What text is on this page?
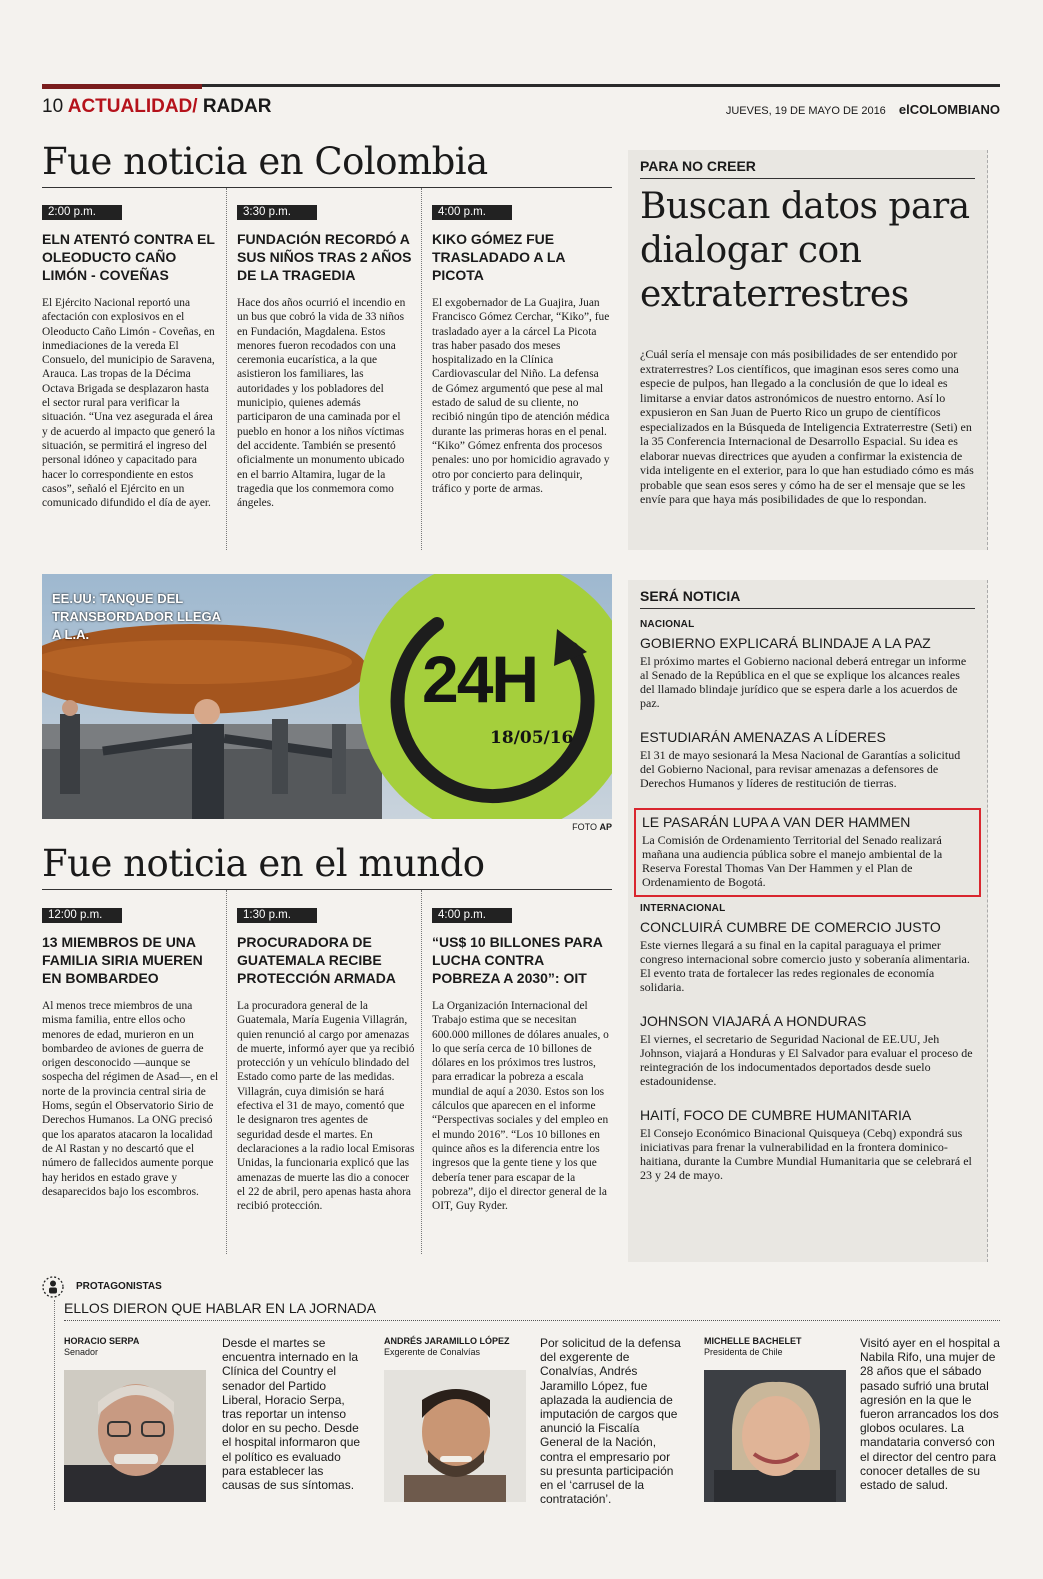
10 ACTUALIDAD/ RADAR	JUEVES, 19 DE MAYO DE 2016 elCOLOMBIANO
Fue noticia en Colombia
2:00 p.m.
ELN ATENTÓ CONTRA EL OLEODUCTO CAÑO LIMÓN - COVEÑAS
El Ejército Nacional reportó una afectación con explosivos en el Oleoducto Caño Limón - Coveñas, en inmediaciones de la vereda El Consuelo, del municipio de Saravena, Arauca. Las tropas de la Décima Octava Brigada se desplazaron hasta el sector rural para verificar la situación. “Una vez asegurada el área y de acuerdo al impacto que generó la situación, se permitirá el ingreso del personal idóneo y capacitado para hacer lo correspondiente en estos casos”, señaló el Ejército en un comunicado difundido el día de ayer.
3:30 p.m.
FUNDACIÓN RECORDÓ A SUS NIÑOS TRAS 2 AÑOS DE LA TRAGEDIA
Hace dos años ocurrió el incendio en un bus que cobró la vida de 33 niños en Fundación, Magdalena. Estos menores fueron recodados con una ceremonia eucarística, a la que asistieron los familiares, las autoridades y los pobladores del municipio, quienes además participaron de una caminada por el pueblo en honor a los niños víctimas del accidente. También se presentó oficialmente un monumento ubicado en el barrio Altamira, lugar de la tragedia que los conmemora como ángeles.
4:00 p.m.
KIKO GÓMEZ FUE TRASLADADO A LA PICOTA
El exgobernador de La Guajira, Juan Francisco Gómez Cerchar, “Kiko”, fue trasladado ayer a la cárcel La Picota tras haber pasado dos meses hospitalizado en la Clínica Cardiovascular del Niño. La defensa de Gómez argumentó que pese al mal estado de salud de su cliente, no recibió ningún tipo de atención médica durante las primeras horas en el penal. “Kiko” Gómez enfrenta dos procesos penales: uno por homicidio agravado y otro por concierto para delinquir, tráfico y porte de armas.
PARA NO CREER
Buscan datos para dialogar con extraterrestres
¿Cuál sería el mensaje con más posibilidades de ser entendido por extraterrestres? Los científicos, que imaginan esos seres como una especie de pulpos, han llegado a la conclusión de que lo ideal es limitarse a enviar datos astronómicos de nuestro entorno. Así lo expusieron en San Juan de Puerto Rico un grupo de científicos especializados en la Búsqueda de Inteligencia Extraterrestre (Seti) en la 35 Conferencia Internacional de Desarrollo Espacial. Su idea es elaborar nuevas directrices que ayuden a confirmar la existencia de vida inteligente en el exterior, para lo que han estudiado cómo es más probable que sean esos seres y cómo ha de ser el mensaje que se les envíe para que haya más posibilidades de que lo respondan.
EE.UU: TANQUE DEL TRANSBORDADOR LLEGA A L.A.
24H
18/05/16
FOTO AP
SERÁ NOTICIA
NACIONAL
GOBIERNO EXPLICARÁ BLINDAJE A LA PAZ
El próximo martes el Gobierno nacional deberá entregar un informe al Senado de la República en el que se explique los alcances reales del llamado blindaje jurídico que se espera darle a los acuerdos de paz.
ESTUDIARÁN AMENAZAS A LÍDERES
El 31 de mayo sesionará la Mesa Nacional de Garantías a solicitud del Gobierno Nacional, para revisar amenazas a defensores de Derechos Humanos y líderes de restitución de tierras.
LE PASARÁN LUPA A VAN DER HAMMEN
La Comisión de Ordenamiento Territorial del Senado realizará mañana una audiencia pública sobre el manejo ambiental de la Reserva Forestal Thomas Van Der Hammen y el Plan de Ordenamiento de Bogotá.
INTERNACIONAL
CONCLUIRÁ CUMBRE DE COMERCIO JUSTO
Este viernes llegará a su final en la capital paraguaya el primer congreso internacional sobre comercio justo y soberanía alimentaria. El evento trata de fortalecer las redes regionales de economía solidaria.
JOHNSON VIAJARÁ A HONDURAS
El viernes, el secretario de Seguridad Nacional de EE.UU, Jeh Johnson, viajará a Honduras y El Salvador para evaluar el proceso de reintegración de los indocumentados deportados desde suelo estadounidense.
HAITÍ, FOCO DE CUMBRE HUMANITARIA
El Consejo Económico Binacional Quisqueya (Cebq) expondrá sus iniciativas para frenar la vulnerabilidad en la frontera dominico-haitiana, durante la Cumbre Mundial Humanitaria que se celebrará el 23 y 24 de mayo.
Fue noticia en el mundo
12:00 p.m.
13 MIEMBROS DE UNA FAMILIA SIRIA MUEREN EN BOMBARDEO
Al menos trece miembros de una misma familia, entre ellos ocho menores de edad, murieron en un bombardeo de aviones de guerra de origen desconocido —aunque se sospecha del régimen de Asad—, en el norte de la provincia central siria de Homs, según el Observatorio Sirio de Derechos Humanos. La ONG precisó que los aparatos atacaron la localidad de Al Rastan y no descartó que el número de fallecidos aumente porque hay heridos en estado grave y desaparecidos bajo los escombros.
1:30 p.m.
PROCURADORA DE GUATEMALA RECIBE PROTECCIÓN ARMADA
La procuradora general de la Guatemala, María Eugenia Villagrán, quien renunció al cargo por amenazas de muerte, informó ayer que ya recibió protección y un vehículo blindado del Estado como parte de las medidas. Villagrán, cuya dimisión se hará efectiva el 31 de mayo, comentó que le designaron tres agentes de seguridad desde el martes. En declaraciones a la radio local Emisoras Unidas, la funcionaria explicó que las amenazas de muerte las dio a conocer el 22 de abril, pero apenas hasta ahora recibió protección.
4:00 p.m.
“US$ 10 BILLONES PARA LUCHA CONTRA POBREZA A 2030”: OIT
La Organización Internacional del Trabajo estima que se necesitan 600.000 millones de dólares anuales, o lo que sería cerca de 10 billones de dólares en los próximos tres lustros, para erradicar la pobreza a escala mundial de aquí a 2030. Estos son los cálculos que aparecen en el informe “Perspectivas sociales y del empleo en el mundo 2016”. “Los 10 billones en quince años es la diferencia entre los ingresos que la gente tiene y los que debería tener para escapar de la pobreza”, dijo el director general de la OIT, Guy Ryder.
PROTAGONISTAS
ELLOS DIERON QUE HABLAR EN LA JORNADA
HORACIO SERPA
Senador
Desde el martes se encuentra internado en la Clínica del Country el senador del Partido Liberal, Horacio Serpa, tras reportar un intenso dolor en su pecho. Desde el hospital informaron que el político es evaluado para establecer las causas de sus síntomas.
ANDRÉS JARAMILLO LÓPEZ
Exgerente de Conalvías
Por solicitud de la defensa del exgerente de Conalvías, Andrés Jaramillo López, fue aplazada la audiencia de imputación de cargos que anunció la Fiscalía General de la Nación, contra el empresario por su presunta participación en el ‘carrusel de la contratación’.
MICHELLE BACHELET
Presidenta de Chile
Visitó ayer en el hospital a Nabila Rifo, una mujer de 28 años que el sábado pasado sufrió una brutal agresión en la que le fueron arrancados los dos globos oculares. La mandataria conversó con el director del centro para conocer detalles de su estado de salud.
